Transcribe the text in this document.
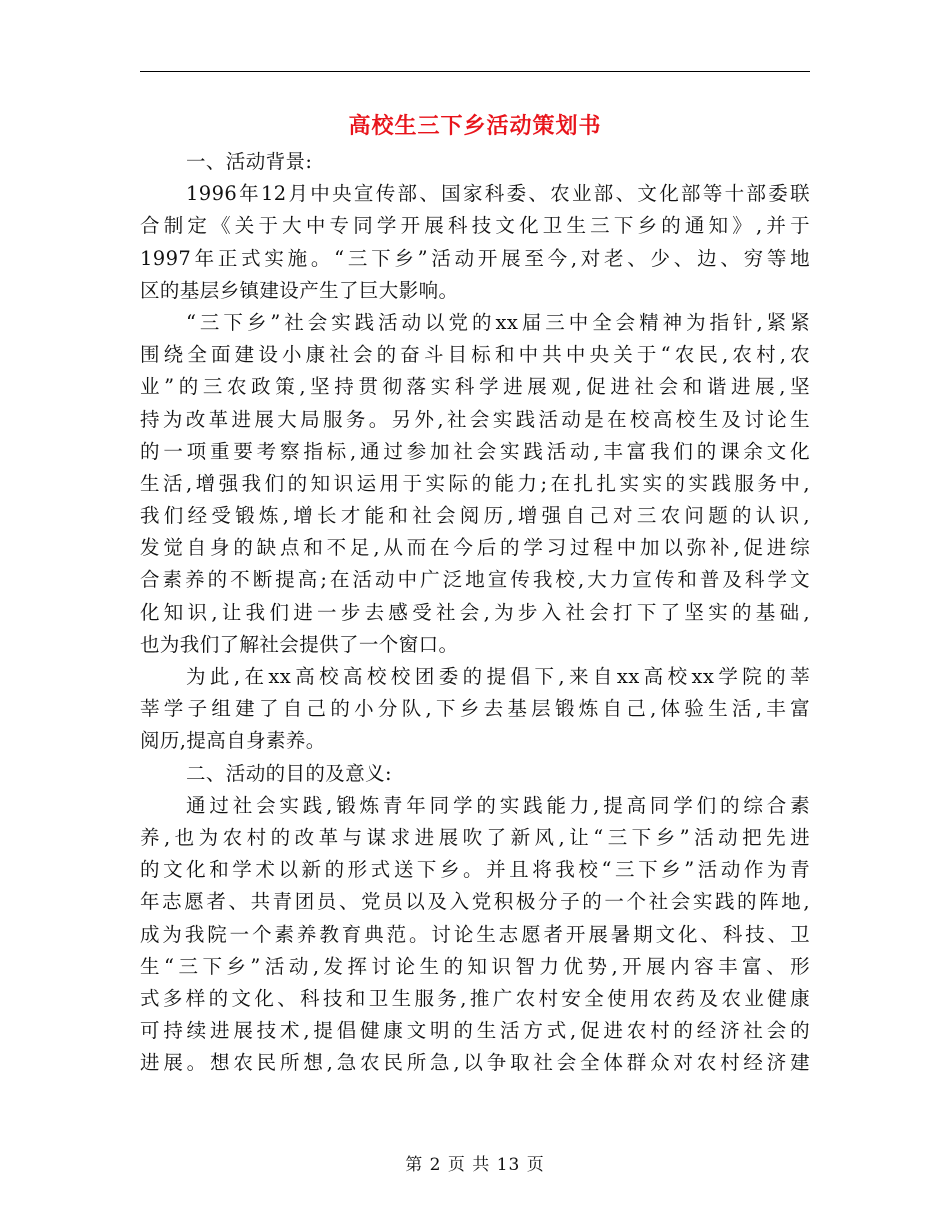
高校生三下乡活动策划书
一、活动背景:
1996年12月中央宣传部、国家科委、农业部、文化部等十部委联
合制定《关于大中专同学开展科技文化卫生三下乡的通知》,并于
1997年正式实施。“三下乡”活动开展至今,对老、少、边、穷等地
区的基层乡镇建设产生了巨大影响。
“三下乡”社会实践活动以党的xx届三中全会精神为指针,紧紧
围绕全面建设小康社会的奋斗目标和中共中央关于“农民,农村,农
业”的三农政策,坚持贯彻落实科学进展观,促进社会和谐进展,坚
持为改革进展大局服务。另外,社会实践活动是在校高校生及讨论生
的一项重要考察指标,通过参加社会实践活动,丰富我们的课余文化
生活,增强我们的知识运用于实际的能力;在扎扎实实的实践服务中,
我们经受锻炼,增长才能和社会阅历,增强自己对三农问题的认识,
发觉自身的缺点和不足,从而在今后的学习过程中加以弥补,促进综
合素养的不断提高;在活动中广泛地宣传我校,大力宣传和普及科学文
化知识,让我们进一步去感受社会,为步入社会打下了坚实的基础,
也为我们了解社会提供了一个窗口。
为此,在xx高校高校校团委的提倡下,来自xx高校xx学院的莘
莘学子组建了自己的小分队,下乡去基层锻炼自己,体验生活,丰富
阅历,提高自身素养。
二、活动的目的及意义:
通过社会实践,锻炼青年同学的实践能力,提高同学们的综合素
养,也为农村的改革与谋求进展吹了新风,让“三下乡”活动把先进
的文化和学术以新的形式送下乡。并且将我校“三下乡”活动作为青
年志愿者、共青团员、党员以及入党积极分子的一个社会实践的阵地,
成为我院一个素养教育典范。讨论生志愿者开展暑期文化、科技、卫
生“三下乡”活动,发挥讨论生的知识智力优势,开展内容丰富、形
式多样的文化、科技和卫生服务,推广农村安全使用农药及农业健康
可持续进展技术,提倡健康文明的生活方式,促进农村的经济社会的
进展。想农民所想,急农民所急,以争取社会全体群众对农村经济建
第 2 页 共 13 页
